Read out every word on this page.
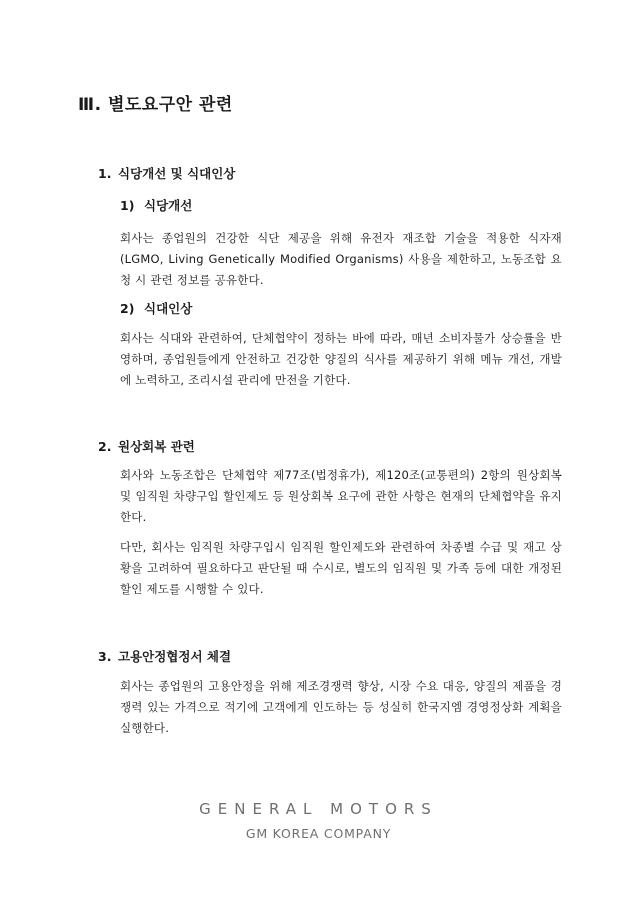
Ⅲ. 별도요구안 관련
1. 식당개선 및 식대인상
1) 식당개선
회사는 종업원의 건강한 식단 제공을 위해 유전자 재조합 기술을 적용한 식자재(LGMO, Living Genetically Modified Organisms) 사용을 제한하고, 노동조합 요청 시 관련 정보를 공유한다.
2) 식대인상
회사는 식대와 관련하여, 단체협약이 정하는 바에 따라, 매년 소비자물가 상승률을 반영하며, 종업원들에게 안전하고 건강한 양질의 식사를 제공하기 위해 메뉴 개선, 개발에 노력하고, 조리시설 관리에 만전을 기한다.
2. 원상회복 관련
회사와 노동조합은 단체협약 제77조(법정휴가), 제120조(교통편의) 2항의 원상회복 및 임직원 차량구입 할인제도 등 원상회복 요구에 관한 사항은 현재의 단체협약을 유지한다.
다만, 회사는 임직원 차량구입시 임직원 할인제도와 관련하여 차종별 수급 및 재고 상황을 고려하여 필요하다고 판단될 때 수시로, 별도의 임직원 및 가족 등에 대한 개정된 할인 제도를 시행할 수 있다.
3. 고용안정협정서 체결
회사는 종업원의 고용안정을 위해 제조경쟁력 향상, 시장 수요 대응, 양질의 제품을 경쟁력 있는 가격으로 적기에 고객에게 인도하는 등 성실히 한국지엠 경영정상화 계획을 실행한다.
GENERAL MOTORS
GM KOREA COMPANY
